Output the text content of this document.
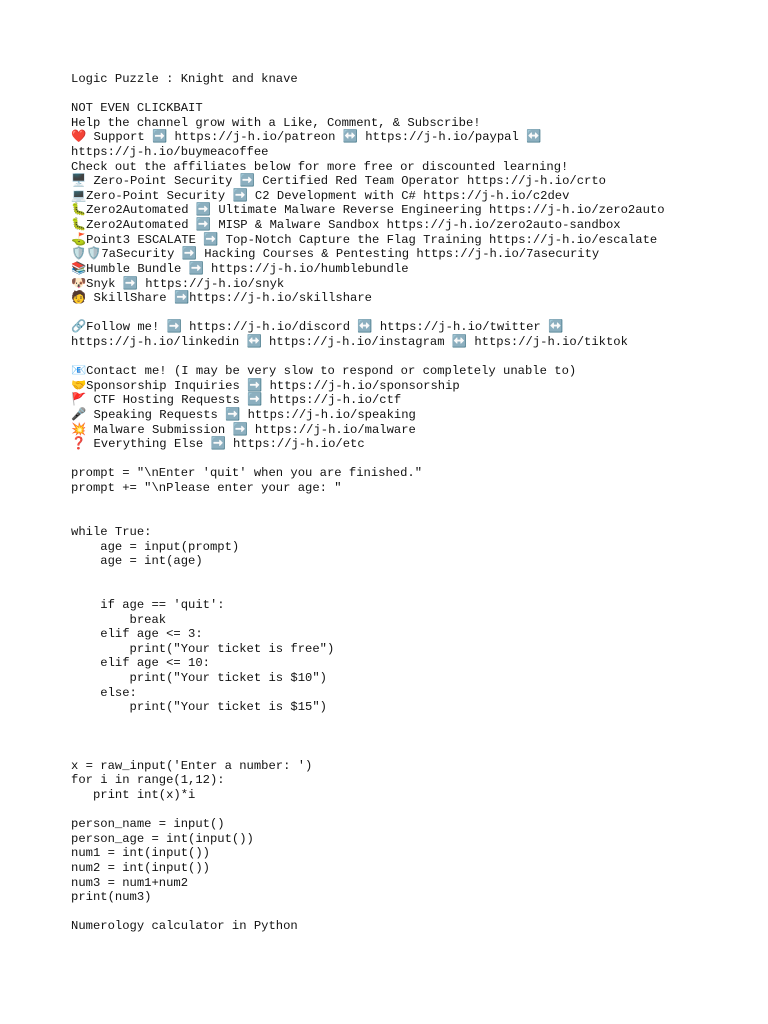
Logic Puzzle : Knight and knave
NOT EVEN CLICKBAIT
Help the channel grow with a Like, Comment, & Subscribe!
❤️ Support ➡️ https://j-h.io/patreon ↔️ https://j-h.io/paypal ↔️
https://j-h.io/buymeacoffee
Check out the affiliates below for more free or discounted learning!
🖥️ Zero-Point Security ➡️ Certified Red Team Operator https://j-h.io/crto
💻Zero-Point Security ➡️ C2 Development with C# https://j-h.io/c2dev
🐛Zero2Automated ➡️ Ultimate Malware Reverse Engineering https://j-h.io/zero2auto
🐛Zero2Automated ➡️ MISP & Malware Sandbox https://j-h.io/zero2auto-sandbox
⛳Point3 ESCALATE ➡️ Top-Notch Capture the Flag Training https://j-h.io/escalate
🛡️🛡️7aSecurity ➡️ Hacking Courses & Pentesting https://j-h.io/7asecurity
📚Humble Bundle ➡️ https://j-h.io/humblebundle
🐶Snyk ➡️ https://j-h.io/snyk
🧑 SkillShare ➡️https://j-h.io/skillshare
🔗Follow me! ➡️ https://j-h.io/discord ↔️ https://j-h.io/twitter ↔️
https://j-h.io/linkedin ↔️ https://j-h.io/instagram ↔️ https://j-h.io/tiktok
📧Contact me! (I may be very slow to respond or completely unable to)
🤝Sponsorship Inquiries ➡️ https://j-h.io/sponsorship
🚩 CTF Hosting Requests ➡️ https://j-h.io/ctf
🎤 Speaking Requests ➡️ https://j-h.io/speaking
💥 Malware Submission ➡️ https://j-h.io/malware
❓ Everything Else ➡️ https://j-h.io/etc
prompt = "\nEnter 'quit' when you are finished."
prompt += "\nPlease enter your age: "
while True:
age = input(prompt)
age = int(age)
if age == 'quit':
break
elif age <= 3:
print("Your ticket is free")
elif age <= 10:
print("Your ticket is $10")
else:
print("Your ticket is $15")
x = raw_input('Enter a number: ')
for i in range(1,12):
print int(x)*i
person_name = input()
person_age = int(input())
num1 = int(input())
num2 = int(input())
num3 = num1+num2
print(num3)
Numerology calculator in Python
